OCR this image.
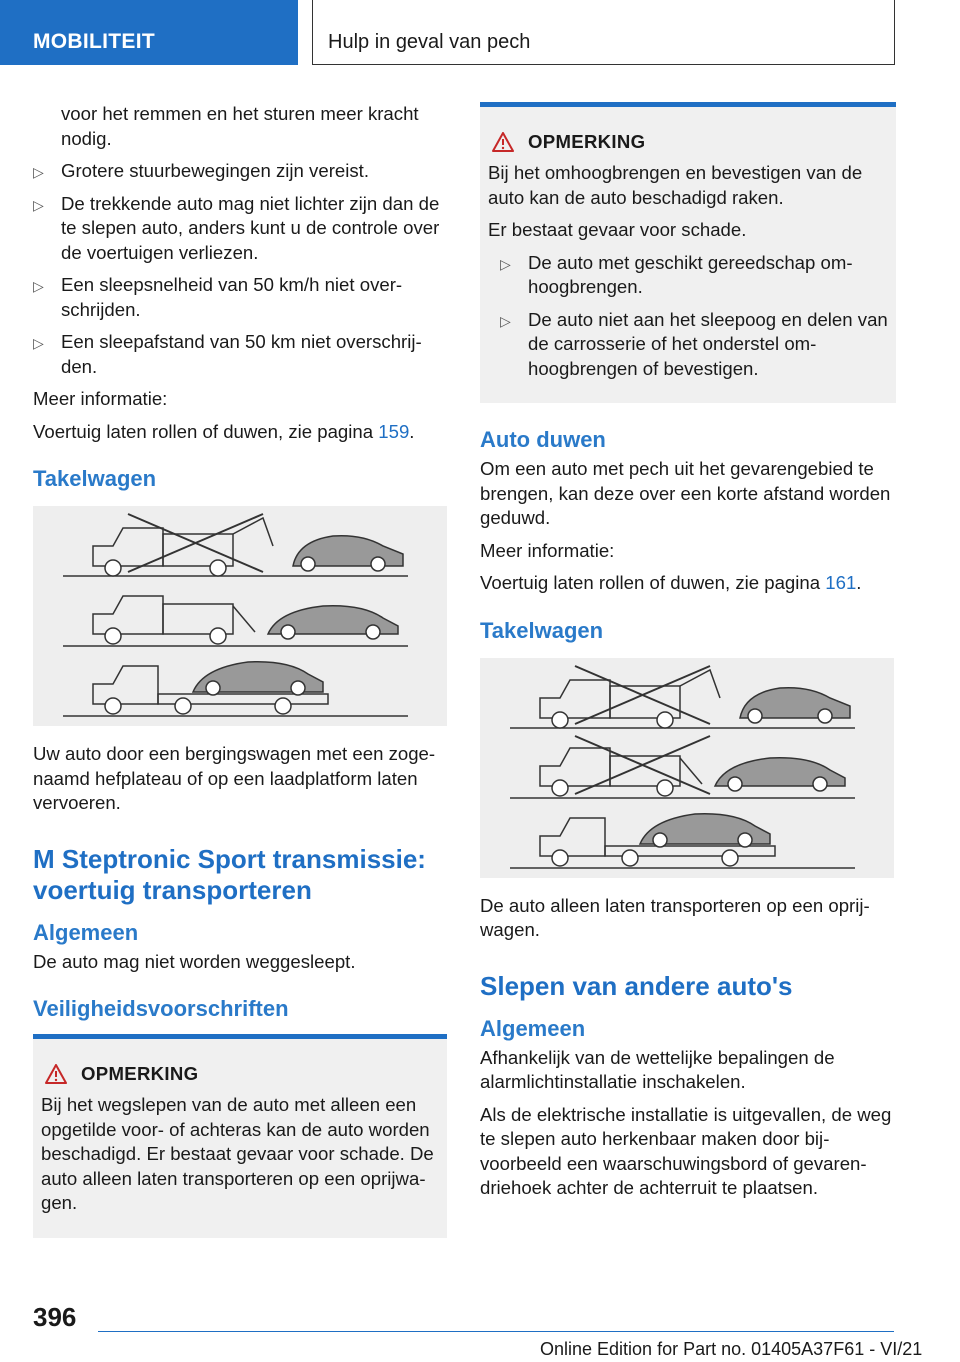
MOBILITEIT	Hulp in geval van pech

voor het remmen en het sturen meer kracht nodig.

▷ Grotere stuurbewegingen zijn vereist.
▷ De trekkende auto mag niet lichter zijn dan de te slepen auto, anders kunt u de controle over de voertuigen verliezen.
▷ Een sleepsnelheid van 50 km/h niet overschrijden.
▷ Een sleepafstand van 50 km niet overschrijden.

Meer informatie:

Voertuig laten rollen of duwen, zie pagina 159.

Takelwagen

Uw auto door een bergingswagen met een zogenaamd hefplateau of op een laadplatform laten vervoeren.

M Steptronic Sport transmissie: voertuig transporteren
Algemeen

De auto mag niet worden weggesleept.

Veiligheidsvoorschriften
OPMERKING

Bij het wegslepen van de auto met alleen een opgetilde voor- of achteras kan de auto worden beschadigd. Er bestaat gevaar voor schade. De auto alleen laten transporteren op een oprijwagen.

OPMERKING

Bij het omhoogbrengen en bevestigen van de auto kan de auto beschadigd raken.

Er bestaat gevaar voor schade.

▷ De auto met geschikt gereedschap omhoogbrengen.
▷ De auto niet aan het sleepoog en delen van de carrosserie of het onderstel omhoogbrengen of bevestigen.
Auto duwen

Om een auto met pech uit het gevarengebied te brengen, kan deze over een korte afstand worden geduwd.

Meer informatie:

Voertuig laten rollen of duwen, zie pagina 161.

Takelwagen

De auto alleen laten transporteren op een oprijwagen.

Slepen van andere auto's
Algemeen

Afhankelijk van de wettelijke bepalingen de alarmlichtinstallatie inschakelen.

Als de elektrische installatie is uitgevallen, de weg te slepen auto herkenbaar maken door bijvoorbeeld een waarschuwingsbord of gevarendriehoek achter de achterruit te plaatsen.

396
Online Edition for Part no. 01405A37F61 - VI/21
